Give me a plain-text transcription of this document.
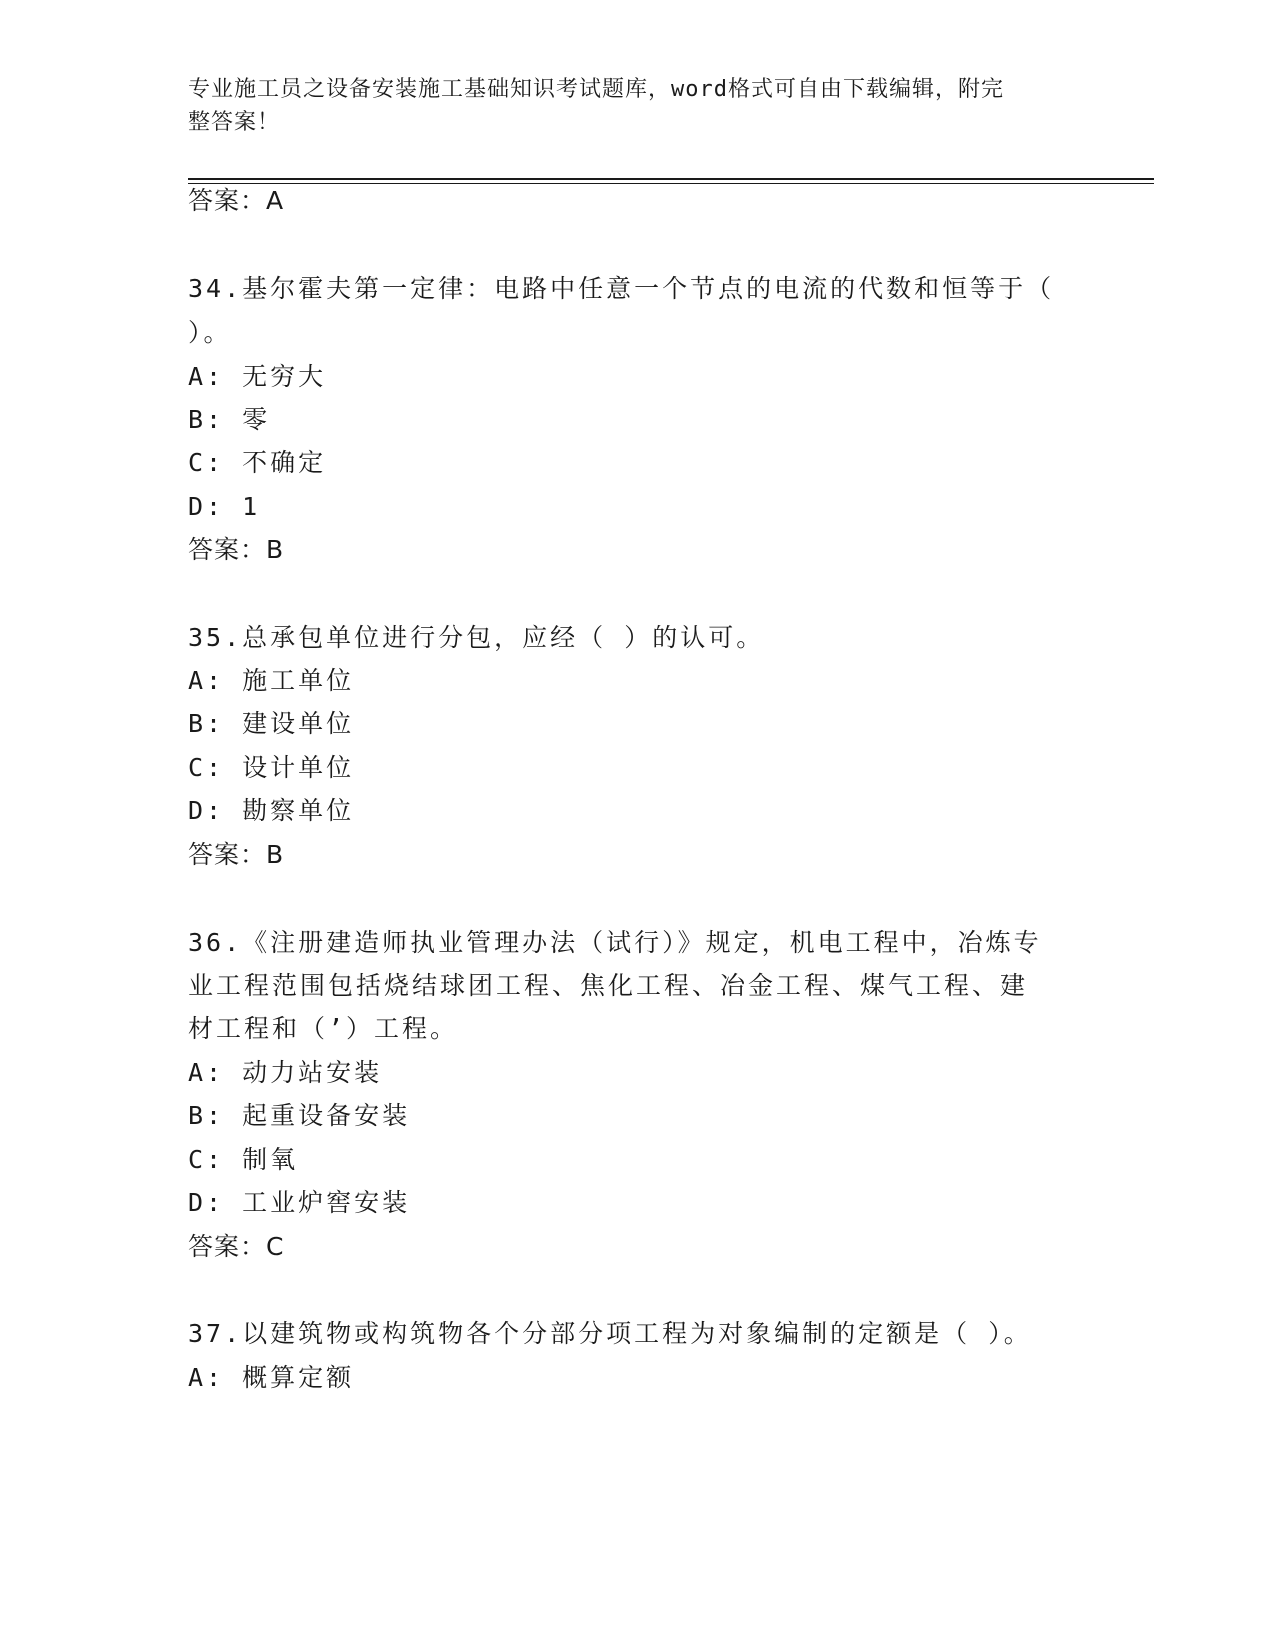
专业施工员之设备安装施工基础知识考试题库，word格式可自由下载编辑，附完
整答案！
答案：A
34.基尔霍夫第一定律：电路中任意一个节点的电流的代数和恒等于（
）。
A: 无穷大
B: 零
C: 不确定
D: 1
答案：B
35.总承包单位进行分包，应经（ ）的认可。
A: 施工单位
B: 建设单位
C: 设计单位
D: 勘察单位
答案：B
36.《注册建造师执业管理办法（试行）》规定，机电工程中，冶炼专
业工程范围包括烧结球团工程、焦化工程、冶金工程、煤气工程、建
材工程和（’）工程。
A: 动力站安装
B: 起重设备安装
C: 制氧
D: 工业炉窖安装
答案：C
37.以建筑物或构筑物各个分部分项工程为对象编制的定额是（ ）。
A: 概算定额
